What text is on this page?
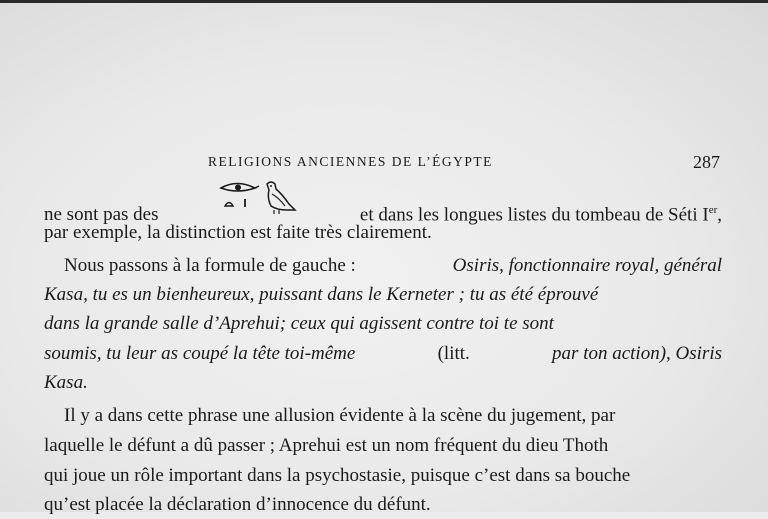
RELIGIONS ANCIENNES DE L’ÉGYPTE	287
ne sont pas des	et dans les longues listes du tombeau de Séti Ier,
par exemple, la distinction est faite très clairement.
Nous passons à la formule de gauche :	Osiris, fonctionnaire royal, général
Kasa, tu es un bienheureux, puissant dans le Kerneter ; tu as été éprouvé
dans la grande salle d’Aprehui; ceux qui agissent contre toi te sont
soumis, tu leur as coupé la tête toi-même	(litt.	par ton action), Osiris
Kasa.
Il y a dans cette phrase une allusion évidente à la scène du jugement, par
laquelle le défunt a dû passer ; Aprehui est un nom fréquent du dieu Thoth
qui joue un rôle important dans la psychostasie, puisque c’est dans sa bouche
qu’est placée la déclaration d’innocence du défunt.
